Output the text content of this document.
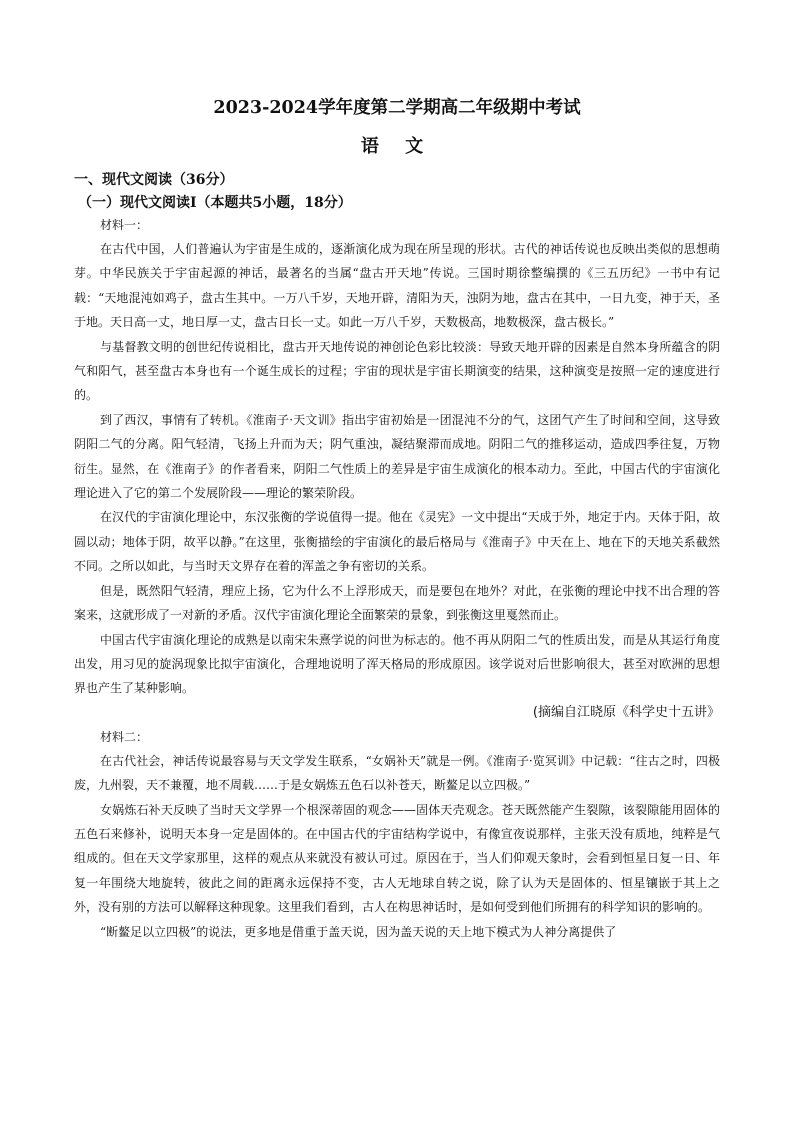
2023-2024学年度第二学期高二年级期中考试
语 文
一、现代文阅读（36分）
（一）现代文阅读I（本题共5小题，18分）

材料一：

在古代中国，人们普遍认为宇宙是生成的，逐渐演化成为现在所呈现的形状。古代的神话传说也反映出类似的思想萌芽。中华民族关于宇宙起源的神话，最著名的当属“盘古开天地”传说。三国时期徐整编撰的《三五历纪》一书中有记载：“天地混沌如鸡子，盘古生其中。一万八千岁，天地开辟，清阳为天，浊阴为地，盘古在其中，一日九变，神于天，圣于地。天日高一丈，地日厚一丈，盘古日长一丈。如此一万八千岁，天数极高，地数极深，盘古极长。”

与基督教文明的创世纪传说相比，盘古开天地传说的神创论色彩比较淡：导致天地开辟的因素是自然本身所蕴含的阴气和阳气，甚至盘古本身也有一个诞生成长的过程；宇宙的现状是宇宙长期演变的结果，这种演变是按照一定的速度进行的。

到了西汉，事情有了转机。《淮南子·天文训》指出宇宙初始是一团混沌不分的气，这团气产生了时间和空间，这导致阴阳二气的分离。阳气轻清，飞扬上升而为天；阴气重浊，凝结聚滞而成地。阴阳二气的推移运动，造成四季往复，万物衍生。显然，在《淮南子》的作者看来，阴阳二气性质上的差异是宇宙生成演化的根本动力。至此，中国古代的宇宙演化理论进入了它的第二个发展阶段——理论的繁荣阶段。

在汉代的宇宙演化理论中，东汉张衡的学说值得一提。他在《灵宪》一文中提出“天成于外，地定于内。天体于阳，故圆以动；地体于阴，故平以静。”在这里，张衡描绘的宇宙演化的最后格局与《淮南子》中天在上、地在下的天地关系截然不同。之所以如此，与当时天文界存在着的浑盖之争有密切的关系。

但是，既然阳气轻清，理应上扬，它为什么不上浮形成天，而是要包在地外？对此，在张衡的理论中找不出合理的答案来，这就形成了一对新的矛盾。汉代宇宙演化理论全面繁荣的景象，到张衡这里戛然而止。

中国古代宇宙演化理论的成熟是以南宋朱熹学说的问世为标志的。他不再从阴阳二气的性质出发，而是从其运行角度出发，用习见的旋涡现象比拟宇宙演化，合理地说明了浑天格局的形成原因。该学说对后世影响很大，甚至对欧洲的思想界也产生了某种影响。

(摘编自江晓原《科学史十五讲》

材料二：

在古代社会，神话传说最容易与天文学发生联系，“女娲补天”就是一例。《淮南子·览冥训》中记载：“往古之时，四极废，九州裂，天不兼覆，地不周载……于是女娲炼五色石以补苍天，断鳌足以立四极。”

女娲炼石补天反映了当时天文学界一个根深蒂固的观念——固体天壳观念。苍天既然能产生裂隙，该裂隙能用固体的五色石来修补，说明天本身一定是固体的。在中国古代的宇宙结构学说中，有像宣夜说那样，主张天没有质地，纯粹是气组成的。但在天文学家那里，这样的观点从来就没有被认可过。原因在于，当人们仰观天象时，会看到恒星日复一日、年复一年围绕大地旋转，彼此之间的距离永远保持不变，古人无地球自转之说，除了认为天是固体的、恒星镶嵌于其上之外，没有别的方法可以解释这种现象。这里我们看到，古人在构思神话时，是如何受到他们所拥有的科学知识的影响的。

“断鳌足以立四极”的说法，更多地是借重于盖天说，因为盖天说的天上地下模式为人神分离提供了
